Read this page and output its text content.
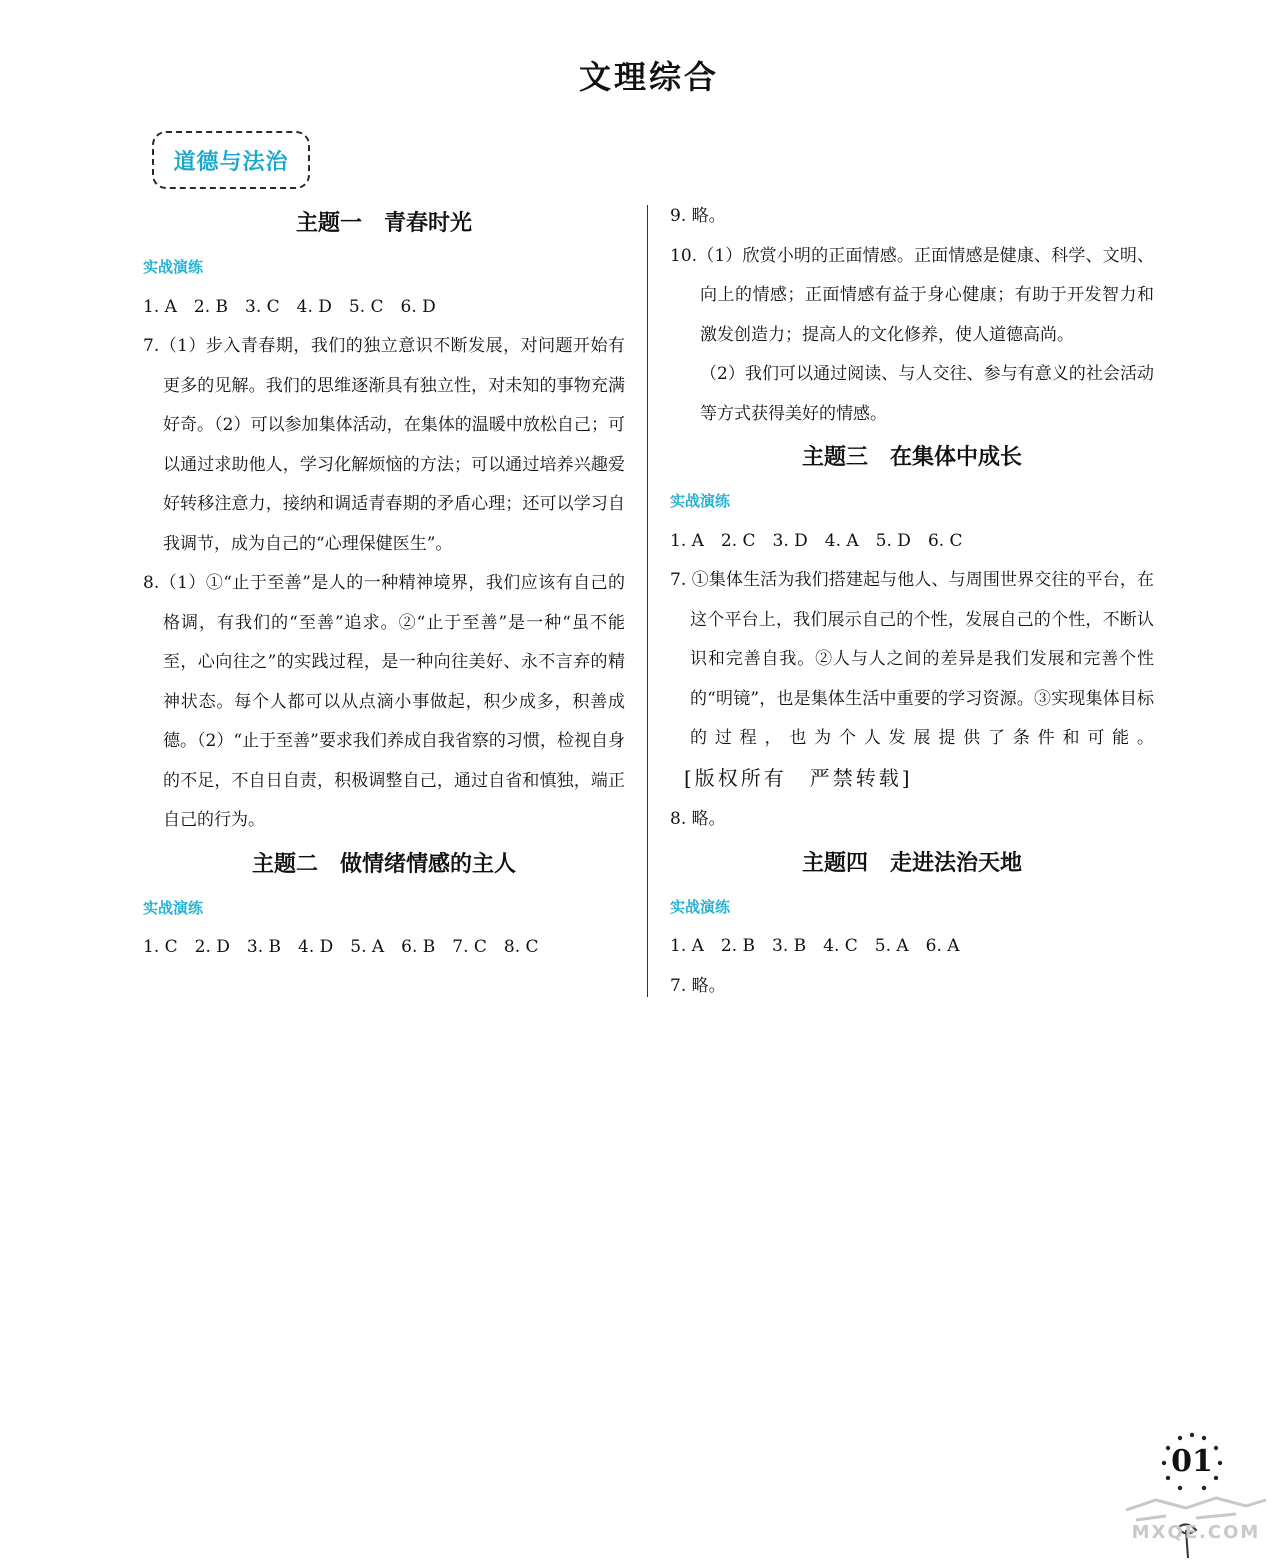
文理综合
道德与法治
主题一　青春时光
实战演练
1. A　2. B　3. C　4. D　5. C　6. D
7.（1）步入青春期，我们的独立意识不断发展，对问题开始有更多的见解。我们的思维逐渐具有独立性，对未知的事物充满好奇。（2）可以参加集体活动，在集体的温暖中放松自己；可以通过求助他人，学习化解烦恼的方法；可以通过培养兴趣爱好转移注意力，接纳和调适青春期的矛盾心理；还可以学习自我调节，成为自己的“心理保健医生”。
8.（1）①“止于至善”是人的一种精神境界，我们应该有自己的格调，有我们的“至善”追求。②“止于至善”是一种“虽不能至，心向往之”的实践过程，是一种向往美好、永不言弃的精神状态。每个人都可以从点滴小事做起，积少成多，积善成德。（2）“止于至善”要求我们养成自我省察的习惯，检视自身的不足，不自日自责，积极调整自己，通过自省和慎独，端正自己的行为。
主题二　做情绪情感的主人
实战演练
1. C　2. D　3. B　4. D　5. A　6. B　7. C　8. C
9. 略。
10.（1）欣赏小明的正面情感。正面情感是健康、科学、文明、向上的情感；正面情感有益于身心健康；有助于开发智力和激发创造力；提高人的文化修养，使人道德高尚。
（2）我们可以通过阅读、与人交往、参与有意义的社会活动等方式获得美好的情感。
主题三　在集体中成长
实战演练
1. A　2. C　3. D　4. A　5. D　6. C
7. ①集体生活为我们搭建起与他人、与周围世界交往的平台，在这个平台上，我们展示自己的个性，发展自己的个性，不断认识和完善自我。②人与人之间的差异是我们发展和完善个性的“明镜”，也是集体生活中重要的学习资源。③实现集体目标的过程，也为个人发展提供了条件和可能。[版权所有　严禁转载]
8. 略。
主题四　走进法治天地
实战演练
1. A　2. B　3. B　4. C　5. A　6. A
7. 略。
01
MXQE.COM
